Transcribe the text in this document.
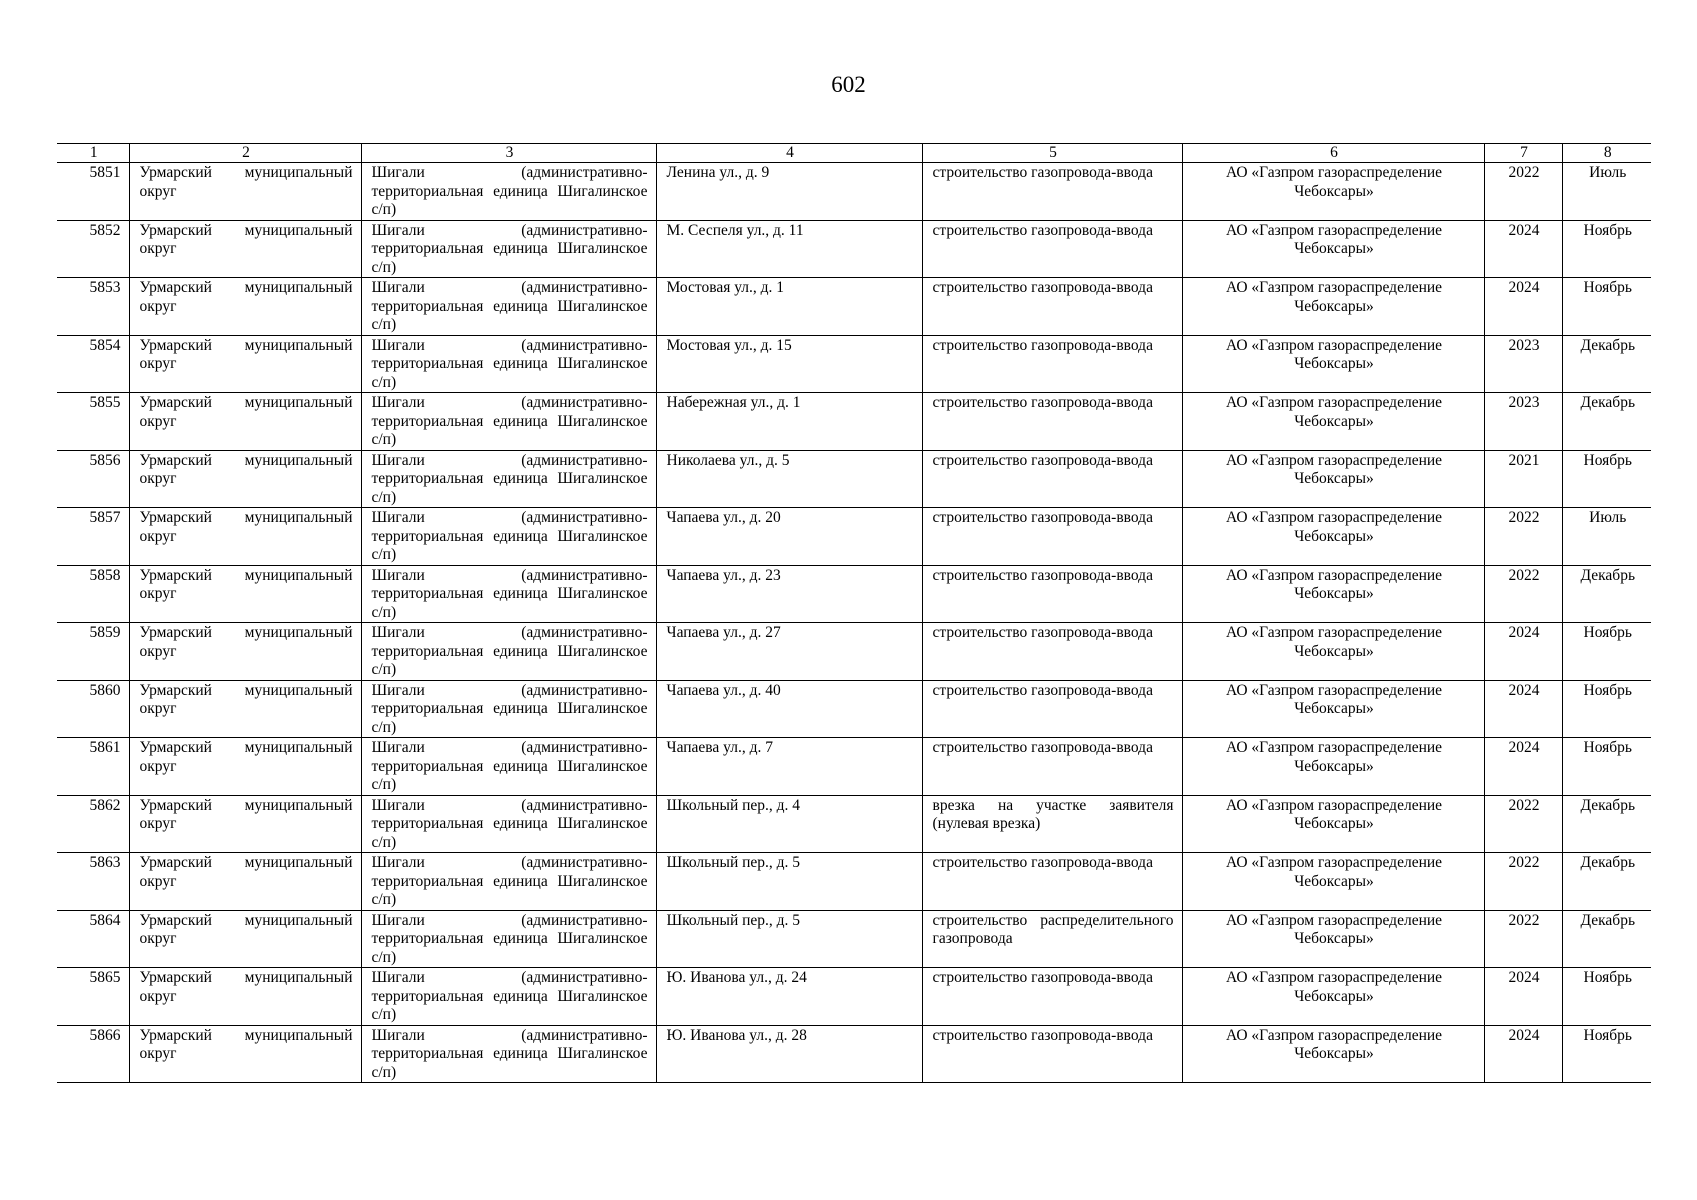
602
1	2	3	4	5	6	7	8
5851	Урмарский муниципальный округ	Шигали (административно-территориальная единица Шигалинское с/п)	Ленина ул., д. 9	строительство газопровода-ввода	АО «Газпром газораспределение Чебоксары»	2022	Июль
5852	Урмарский муниципальный округ	Шигали (административно-территориальная единица Шигалинское с/п)	М. Сеспеля ул., д. 11	строительство газопровода-ввода	АО «Газпром газораспределение Чебоксары»	2024	Ноябрь
5853	Урмарский муниципальный округ	Шигали (административно-территориальная единица Шигалинское с/п)	Мостовая ул., д. 1	строительство газопровода-ввода	АО «Газпром газораспределение Чебоксары»	2024	Ноябрь
5854	Урмарский муниципальный округ	Шигали (административно-территориальная единица Шигалинское с/п)	Мостовая ул., д. 15	строительство газопровода-ввода	АО «Газпром газораспределение Чебоксары»	2023	Декабрь
5855	Урмарский муниципальный округ	Шигали (административно-территориальная единица Шигалинское с/п)	Набережная ул., д. 1	строительство газопровода-ввода	АО «Газпром газораспределение Чебоксары»	2023	Декабрь
5856	Урмарский муниципальный округ	Шигали (административно-территориальная единица Шигалинское с/п)	Николаева ул., д. 5	строительство газопровода-ввода	АО «Газпром газораспределение Чебоксары»	2021	Ноябрь
5857	Урмарский муниципальный округ	Шигали (административно-территориальная единица Шигалинское с/п)	Чапаева ул., д. 20	строительство газопровода-ввода	АО «Газпром газораспределение Чебоксары»	2022	Июль
5858	Урмарский муниципальный округ	Шигали (административно-территориальная единица Шигалинское с/п)	Чапаева ул., д. 23	строительство газопровода-ввода	АО «Газпром газораспределение Чебоксары»	2022	Декабрь
5859	Урмарский муниципальный округ	Шигали (административно-территориальная единица Шигалинское с/п)	Чапаева ул., д. 27	строительство газопровода-ввода	АО «Газпром газораспределение Чебоксары»	2024	Ноябрь
5860	Урмарский муниципальный округ	Шигали (административно-территориальная единица Шигалинское с/п)	Чапаева ул., д. 40	строительство газопровода-ввода	АО «Газпром газораспределение Чебоксары»	2024	Ноябрь
5861	Урмарский муниципальный округ	Шигали (административно-территориальная единица Шигалинское с/п)	Чапаева ул., д. 7	строительство газопровода-ввода	АО «Газпром газораспределение Чебоксары»	2024	Ноябрь
5862	Урмарский муниципальный округ	Шигали (административно-территориальная единица Шигалинское с/п)	Школьный пер., д. 4	врезка на участке заявителя (нулевая врезка)	АО «Газпром газораспределение Чебоксары»	2022	Декабрь
5863	Урмарский муниципальный округ	Шигали (административно-территориальная единица Шигалинское с/п)	Школьный пер., д. 5	строительство газопровода-ввода	АО «Газпром газораспределение Чебоксары»	2022	Декабрь
5864	Урмарский муниципальный округ	Шигали (административно-территориальная единица Шигалинское с/п)	Школьный пер., д. 5	строительство распределительного газопровода	АО «Газпром газораспределение Чебоксары»	2022	Декабрь
5865	Урмарский муниципальный округ	Шигали (административно-территориальная единица Шигалинское с/п)	Ю. Иванова ул., д. 24	строительство газопровода-ввода	АО «Газпром газораспределение Чебоксары»	2024	Ноябрь
5866	Урмарский муниципальный округ	Шигали (административно-территориальная единица Шигалинское с/п)	Ю. Иванова ул., д. 28	строительство газопровода-ввода	АО «Газпром газораспределение Чебоксары»	2024	Ноябрь
